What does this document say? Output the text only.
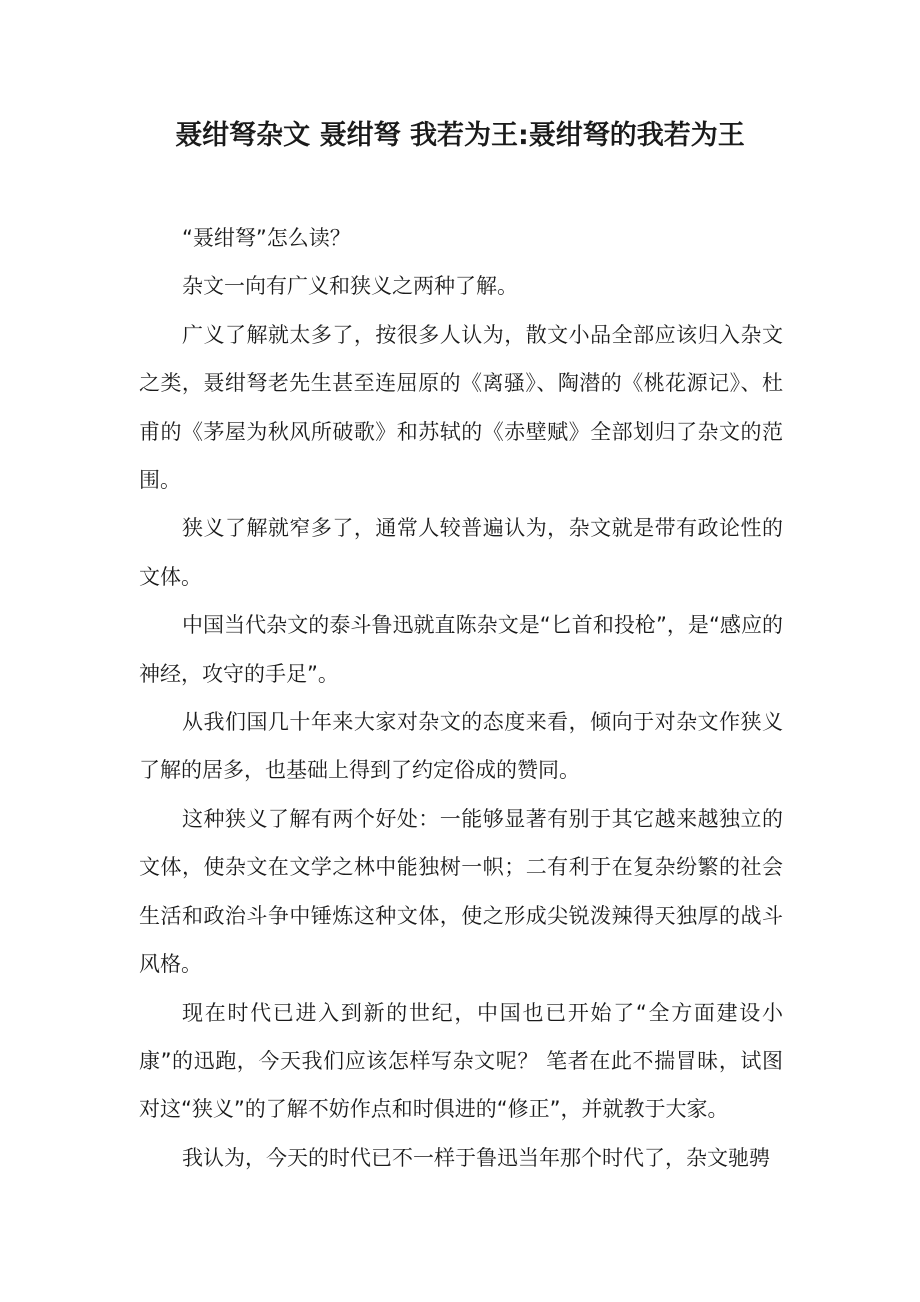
聂绀弩杂文 聂绀弩 我若为王:聂绀弩的我若为王

“聂绀弩”怎么读？

杂文一向有广义和狭义之两种了解。

广义了解就太多了，按很多人认为，散文小品全部应该归入杂文之类，聂绀弩老先生甚至连屈原的《离骚》、陶潜的《桃花源记》、杜甫的《茅屋为秋风所破歌》和苏轼的《赤壁赋》全部划归了杂文的范围。

狭义了解就窄多了，通常人较普遍认为，杂文就是带有政论性的文体。

中国当代杂文的泰斗鲁迅就直陈杂文是“匕首和投枪”，是“感应的神经，攻守的手足”。

从我们国几十年来大家对杂文的态度来看，倾向于对杂文作狭义了解的居多，也基础上得到了约定俗成的赞同。

这种狭义了解有两个好处：一能够显著有别于其它越来越独立的文体，使杂文在文学之林中能独树一帜；二有利于在复杂纷繁的社会生活和政治斗争中锤炼这种文体，使之形成尖锐泼辣得天独厚的战斗风格。

现在时代已进入到新的世纪，中国也已开始了“全方面建设小康”的迅跑，今天我们应该怎样写杂文呢？ 笔者在此不揣冒昧，试图对这“狭义”的了解不妨作点和时俱进的“修正”，并就教于大家。

我认为，今天的时代已不一样于鲁迅当年那个时代了，杂文驰骋
